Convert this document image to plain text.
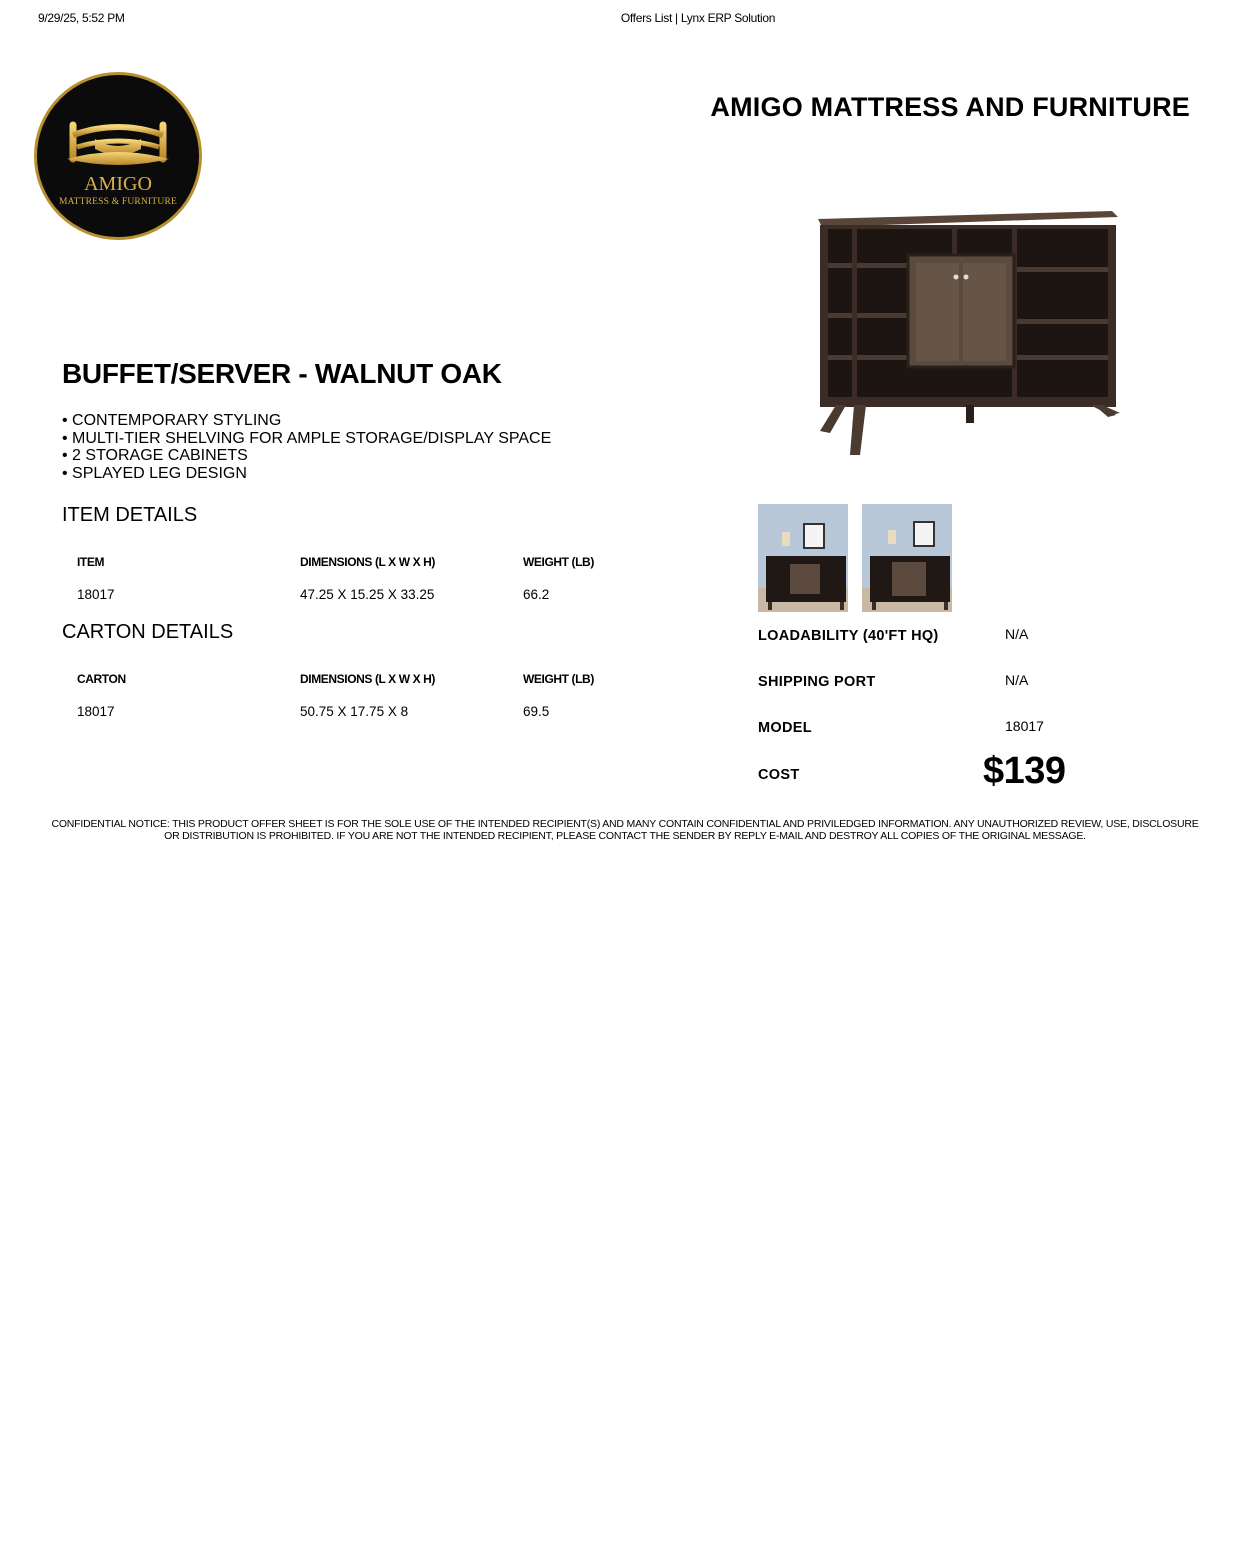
9/29/25, 5:52 PM	Offers List | Lynx ERP Solution
AMIGO
MATTRESS & FURNITURE
AMIGO MATTRESS AND FURNITURE
BUFFET/SERVER - WALNUT OAK
• CONTEMPORARY STYLING
• MULTI-TIER SHELVING FOR AMPLE STORAGE/DISPLAY SPACE
• 2 STORAGE CABINETS
• SPLAYED LEG DESIGN
ITEM DETAILS
ITEM	DIMENSIONS (L X W X H)	WEIGHT (LB)
18017	47.25 X 15.25 X 33.25	66.2
CARTON DETAILS
CARTON	DIMENSIONS (L X W X H)	WEIGHT (LB)
18017	50.75 X 17.75 X 8	69.5
LOADABILITY (40'FT HQ)	N/A
SHIPPING PORT	N/A
MODEL	18017
COST	$139
CONFIDENTIAL NOTICE: THIS PRODUCT OFFER SHEET IS FOR THE SOLE USE OF THE INTENDED RECIPIENT(S) AND MANY CONTAIN CONFIDENTIAL AND PRIVILEDGED INFORMATION. ANY UNAUTHORIZED REVIEW, USE, DISCLOSURE OR DISTRIBUTION IS PROHIBITED. IF YOU ARE NOT THE INTENDED RECIPIENT, PLEASE CONTACT THE SENDER BY REPLY E-MAIL AND DESTROY ALL COPIES OF THE ORIGINAL MESSAGE.
